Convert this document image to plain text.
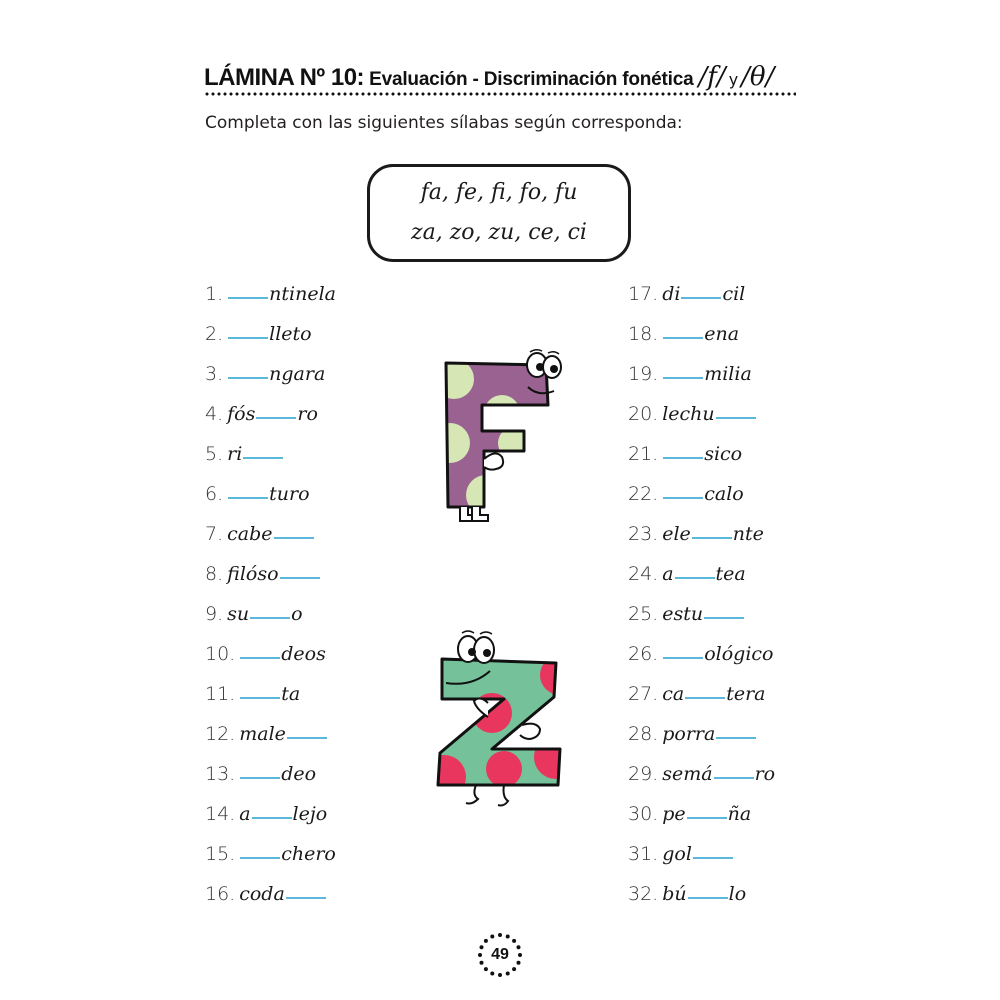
LÁMINA Nº 10: Evaluación - Discriminación fonética /f/ y /θ/
Completa con las siguientes sílabas según corresponda:
fa, fe, fi, fo, fu
za, zo, zu, ce, ci
1. ntinela
2. lleto
3. ngara
4. fós ro
5. ri
6. turo
7. cabe
8. filóso
9. su o
10. deos
11. ta
12. male
13. deo
14. a lejo
15. chero
16. coda
17. di cil
18. ena
19. milia
20. lechu
21. sico
22. calo
23. ele nte
24. a tea
25. estu
26. ológico
27. ca tera
28. porra
29. semá ro
30. pe ña
31. gol
32. bú lo
49
